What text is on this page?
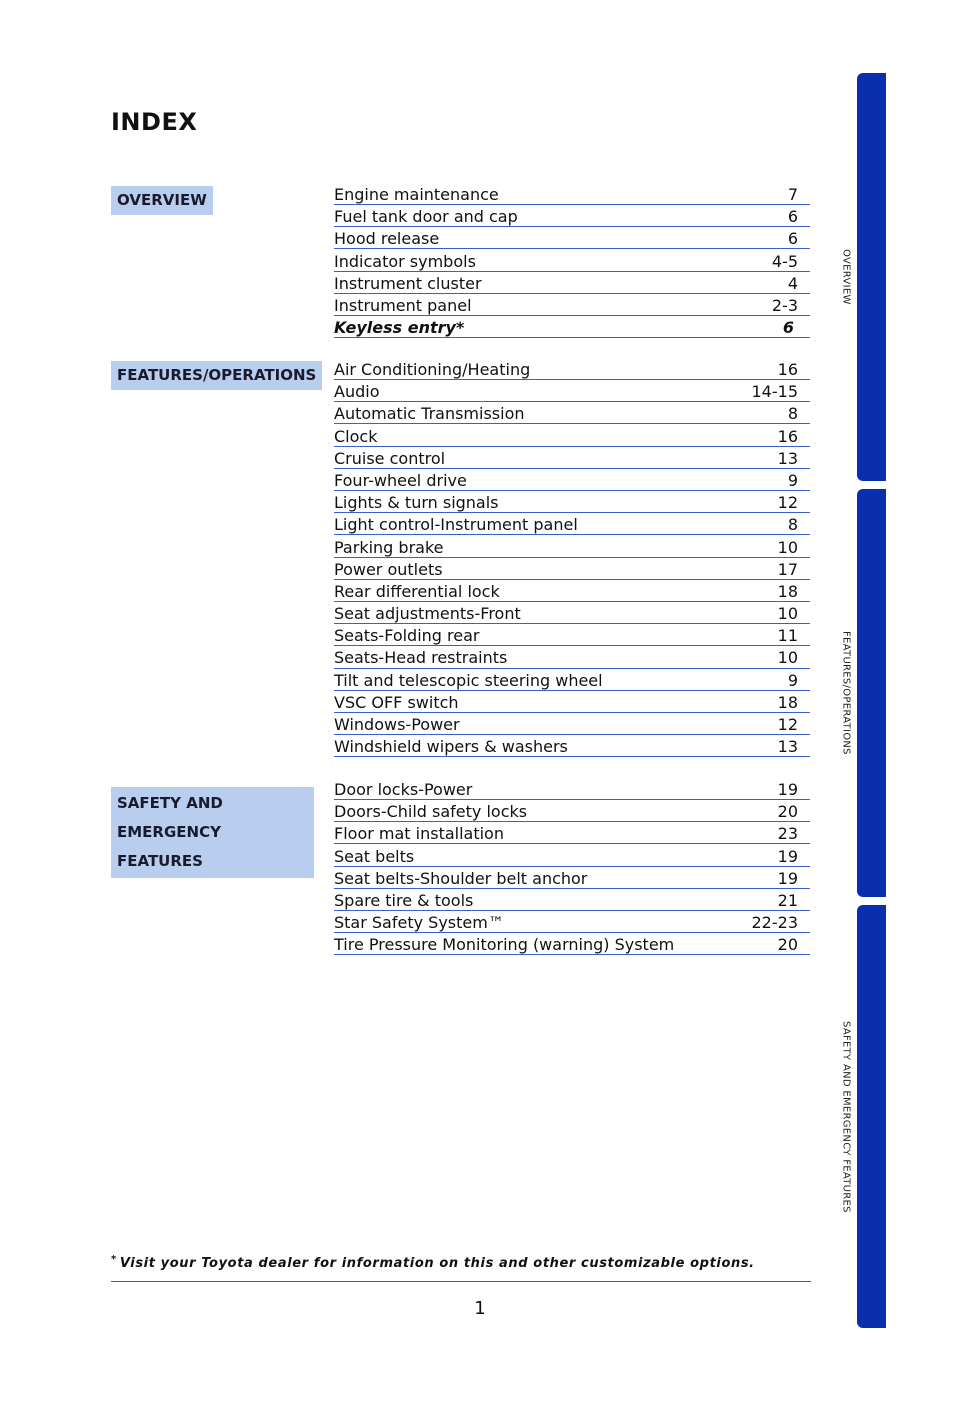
INDEX
OVERVIEW	Engine maintenance	7
Fuel tank door and cap	6
Hood release	6
Indicator symbols	4-5
Instrument cluster	4
Instrument panel	2-3
Keyless entry*	6
FEATURES/OPERATIONS Air Conditioning/Heating	16
Audio	14-15
Automatic Transmission	8
Clock	16
Cruise control	13
Four-wheel drive	9
Lights & turn signals	12
Light control-Instrument panel	8
Parking brake	10
Power outlets	17
Rear differential lock	18
Seat adjustments-Front	10
Seats-Folding rear	11
Seats-Head restraints	10
Tilt and telescopic steering wheel	9
VSC OFF switch	18
Windows-Power	12
Windshield wipers & washers	13
SAFETY AND
EMERGENCY FEATURES
Door locks-Power	19
Doors-Child safety locks	20
Floor mat installation	23
Seat belts	19
Seat belts-Shoulder belt anchor	19
Spare tire & tools	21
Star Safety System™	22-23
Tire Pressure Monitoring (warning) System	20
* Visit your Toyota dealer for information on this and other customizable options.
1
OVERVIEW
FEATURES/OPERATIONS
SAFETY AND EMERGENCY FEATURES
